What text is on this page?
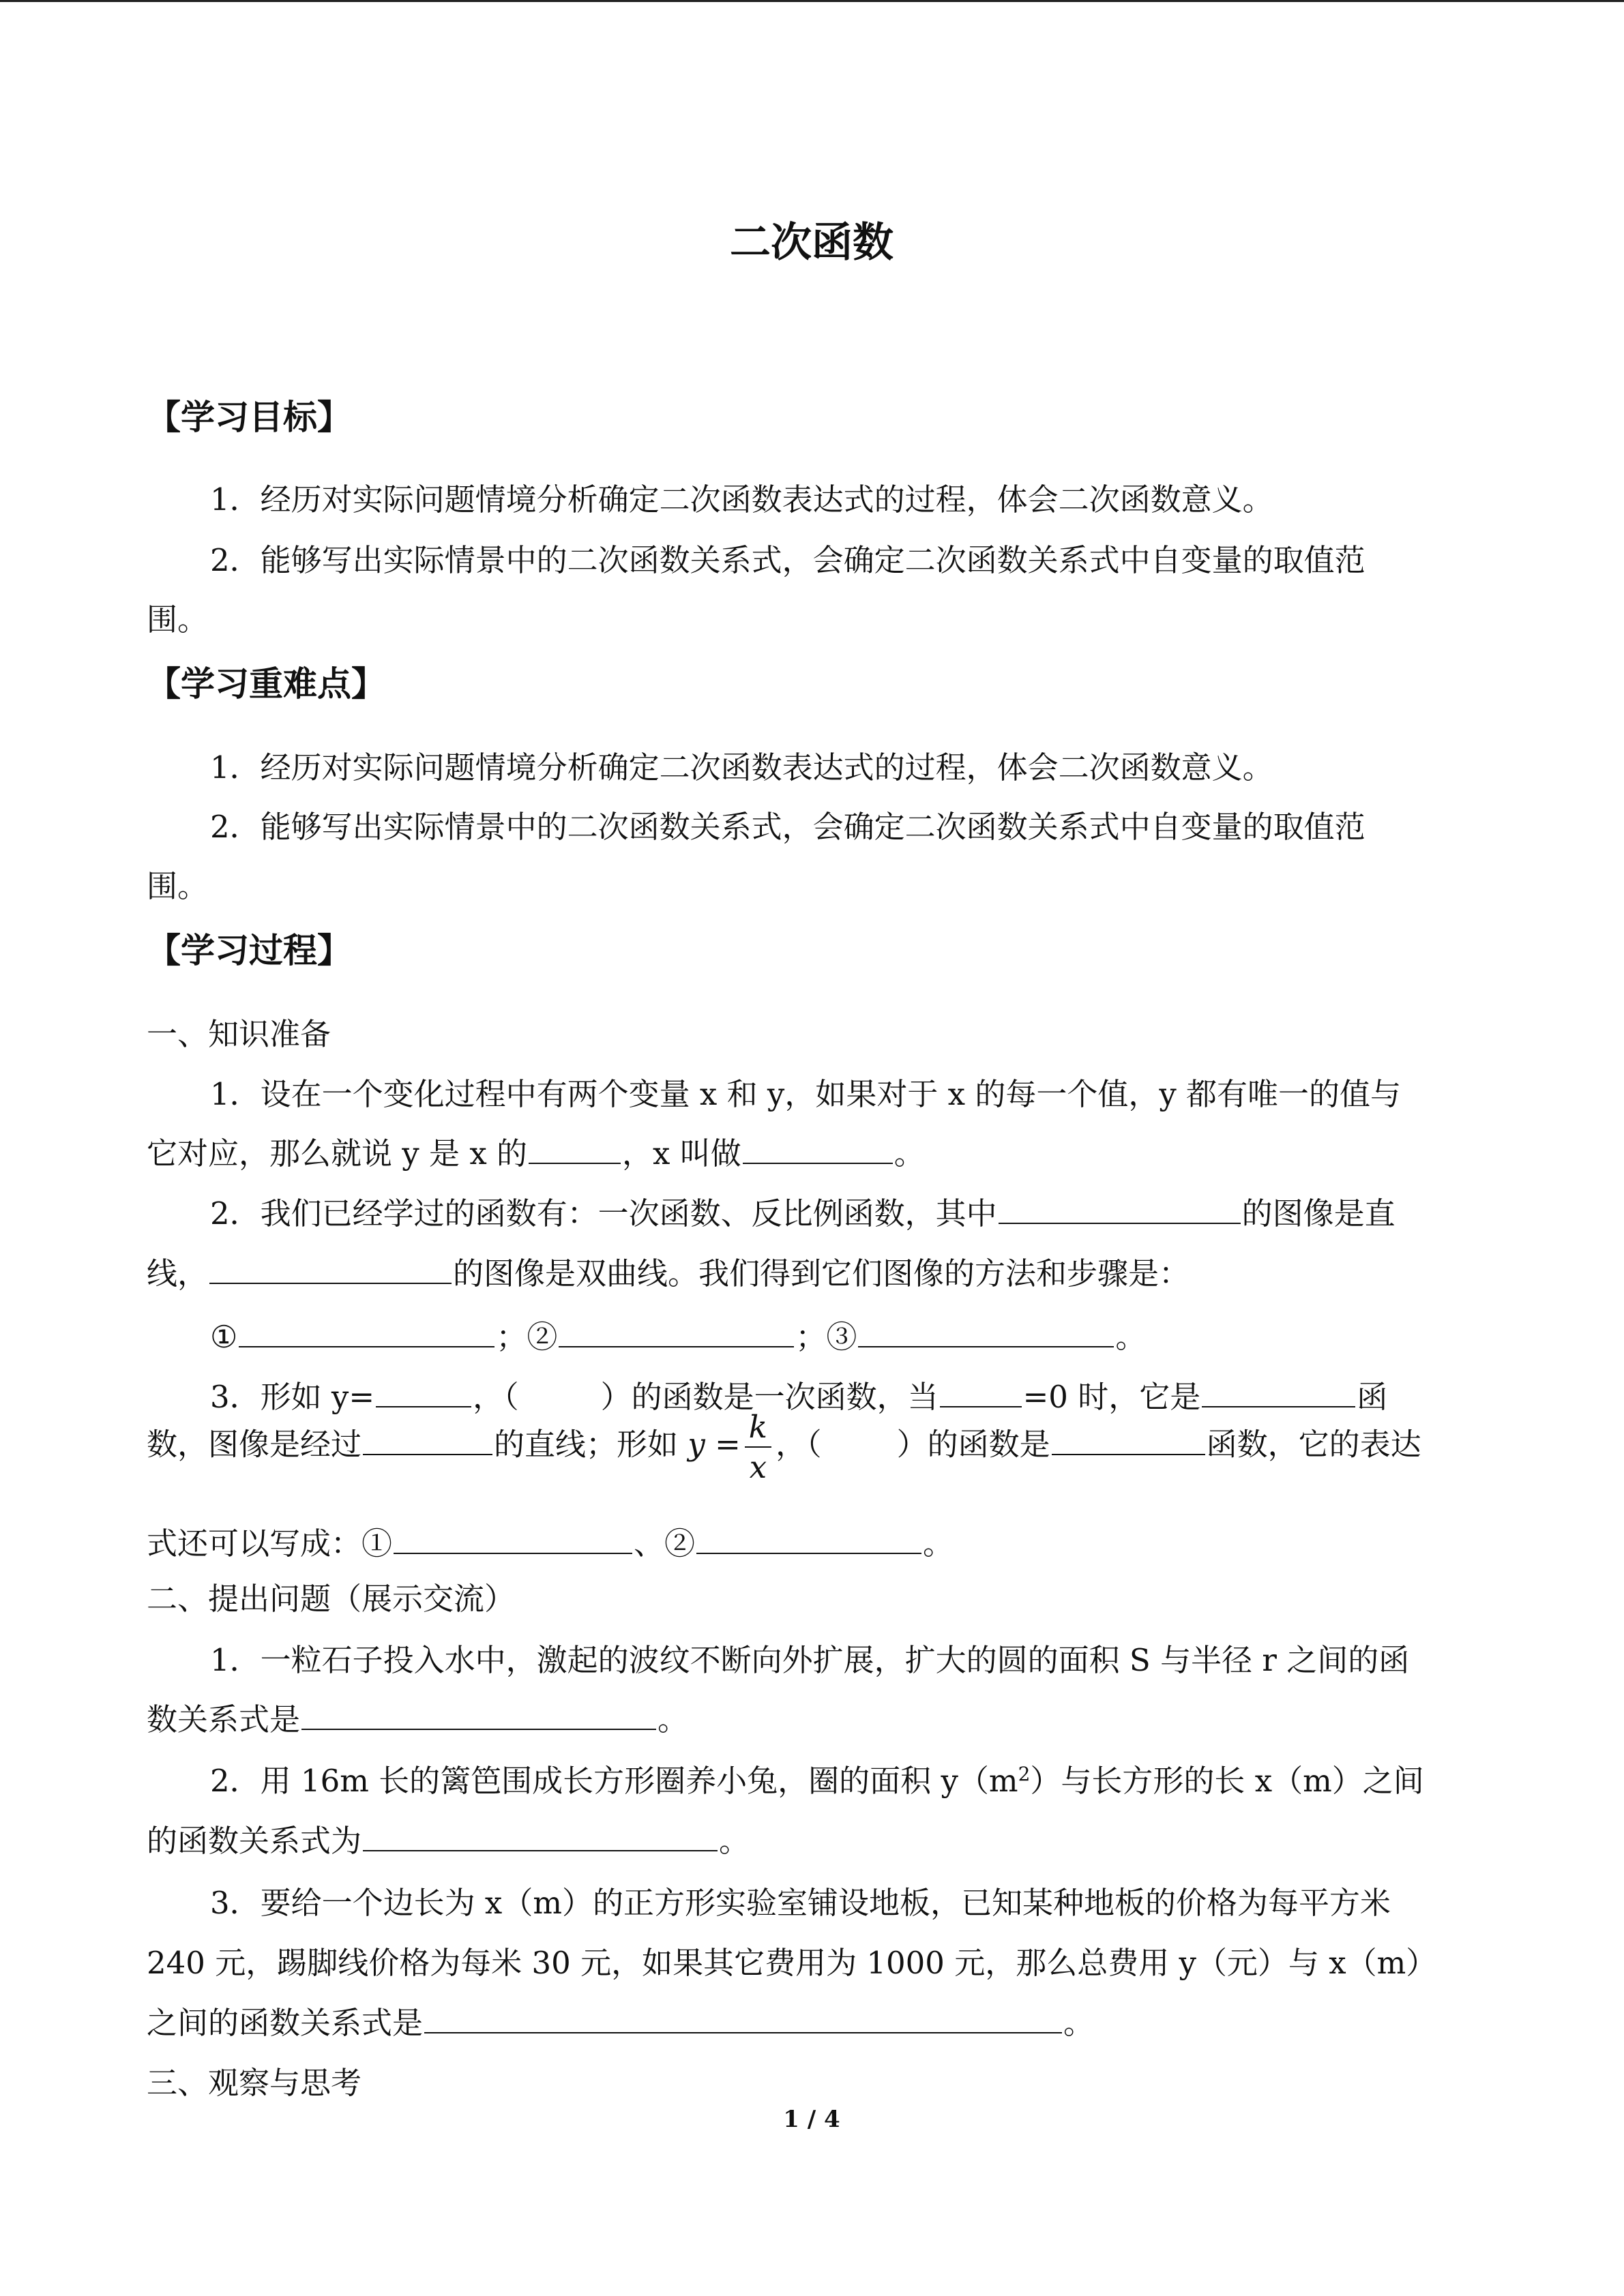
二次函数
【学习目标】
1．经历对实际问题情境分析确定二次函数表达式的过程，体会二次函数意义。
2．能够写出实际情景中的二次函数关系式，会确定二次函数关系式中自变量的取值范
围。
【学习重难点】
1．经历对实际问题情境分析确定二次函数表达式的过程，体会二次函数意义。
2．能够写出实际情景中的二次函数关系式，会确定二次函数关系式中自变量的取值范
围。
【学习过程】
一、知识准备
1．设在一个变化过程中有两个变量 x 和 y，如果对于 x 的每一个值，y 都有唯一的值与
它对应，那么就说 y 是 x 的	，x 叫做	。
2．我们已经学过的函数有：一次函数、反比例函数，其中	的图像是直
线，	的图像是双曲线。我们得到它们图像的方法和步骤是：
①	；②	；③	。
3．形如 y=	，（	）的函数是一次函数，当	=0 时，它是	函
数，图像是经过	的直线；形如 $y = \frac{k}{x}$ ，（ ）的函数是	函数，它的表达
式还可以写成：①	、②	。
二、提出问题（展示交流）
1．一粒石子投入水中，激起的波纹不断向外扩展，扩大的圆的面积 S 与半径 r 之间的函
数关系式是	。
2．用 16m 长的篱笆围成长方形圈养小兔，圈的面积 $y(m^2)$与长方形的长 x（m）之间
的函数关系式为	。
3．要给一个边长为 x（m）的正方形实验室铺设地板，已知某种地板的价格为每平方米
240 元，踢脚线价格为每米 30 元，如果其它费用为 1000 元，那么总费用 y（元）与 x（m）
之间的函数关系式是	。
三、观察与思考
1 / 4
